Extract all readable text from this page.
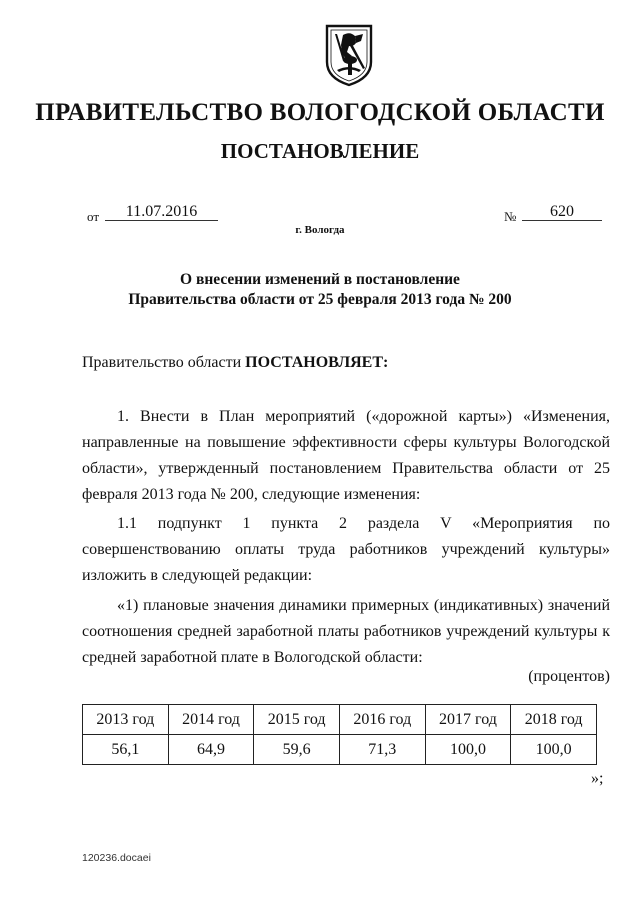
ПРАВИТЕЛЬСТВО ВОЛОГОДСКОЙ ОБЛАСТИ
ПОСТАНОВЛЕНИЕ
от	11.07.2016	№	620
г. Вологда
О внесении изменений в постановление
Правительства области от 25 февраля 2013 года № 200
Правительство области ПОСТАНОВЛЯЕТ:
1. Внести в План мероприятий («дорожной карты») «Изменения, направленные на повышение эффективности сферы культуры Вологодской области», утвержденный постановлением Правительства области от 25 февраля 2013 года № 200, следующие изменения:
1.1 подпункт 1 пункта 2 раздела V «Мероприятия по совершенствованию оплаты труда работников учреждений культуры» изложить в следующей редакции:
«1) плановые значения динамики примерных (индикативных) значений соотношения средней заработной платы работников учреждений культуры к средней заработной плате в Вологодской области:
(процентов)
2013 год	2014 год	2015 год	2016 год	2017 год	2018 год
56,1	64,9	59,6	71,3	100,0	100,0
»;
120236.docaei
